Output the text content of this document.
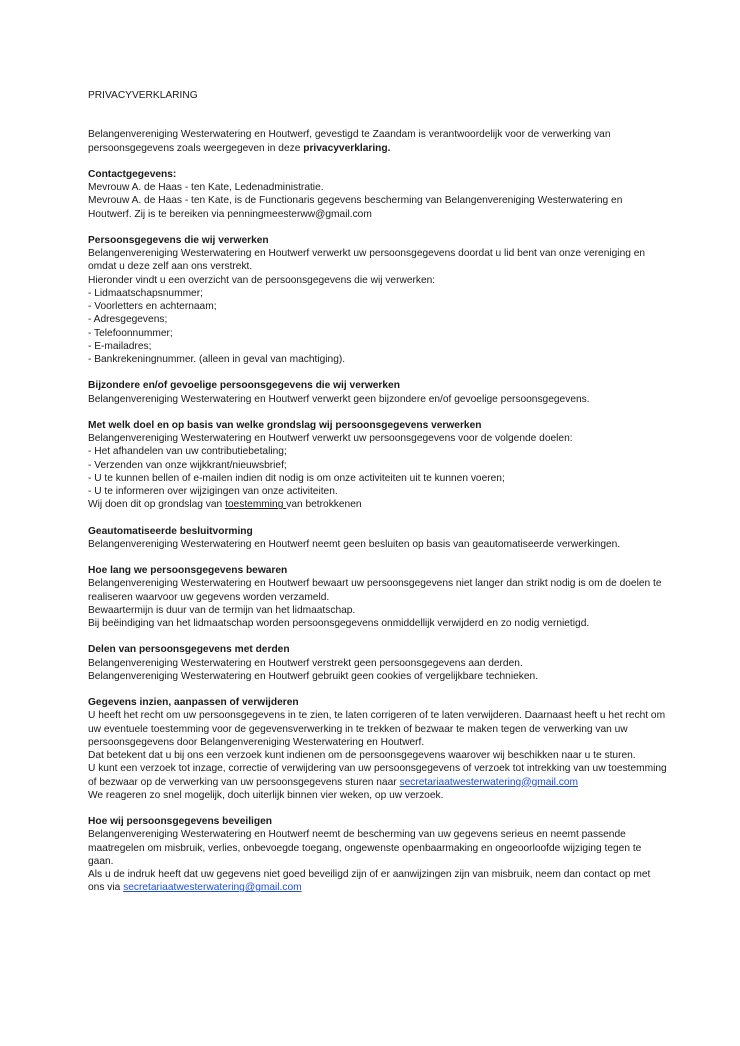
PRIVACYVERKLARING

Belangenvereniging Westerwatering en Houtwerf, gevestigd te Zaandam is verantwoordelijk voor de verwerking van persoonsgegevens zoals weergegeven in deze privacyverklaring.

Contactgegevens:

Mevrouw A. de Haas - ten Kate, Ledenadministratie.

Mevrouw A. de Haas - ten Kate, is de Functionaris gegevens bescherming van Belangenvereniging Westerwatering en Houtwerf. Zij is te bereiken via penningmeesterww@gmail.com

Persoonsgegevens die wij verwerken

Belangenvereniging Westerwatering en Houtwerf verwerkt uw persoonsgegevens doordat u lid bent van onze vereniging en omdat u deze zelf aan ons verstrekt.

Hieronder vindt u een overzicht van de persoonsgegevens die wij verwerken:

- Lidmaatschapsnummer;

- Voorletters en achternaam;

- Adresgegevens;

- Telefoonnummer;

- E-mailadres;

- Bankrekeningnummer. (alleen in geval van machtiging).

Bijzondere en/of gevoelige persoonsgegevens die wij verwerken

Belangenvereniging Westerwatering en Houtwerf verwerkt geen bijzondere en/of gevoelige persoonsgegevens.

Met welk doel en op basis van welke grondslag wij persoonsgegevens verwerken

Belangenvereniging Westerwatering en Houtwerf verwerkt uw persoonsgegevens voor de volgende doelen:

- Het afhandelen van uw contributiebetaling;

- Verzenden van onze wijkkrant/nieuwsbrief;

- U te kunnen bellen of e-mailen indien dit nodig is om onze activiteiten uit te kunnen voeren;

- U te informeren over wijzigingen van onze activiteiten.

Wij doen dit op grondslag van toestemming van betrokkenen

Geautomatiseerde besluitvorming

Belangenvereniging Westerwatering en Houtwerf neemt geen besluiten op basis van geautomatiseerde verwerkingen.

Hoe lang we persoonsgegevens bewaren

Belangenvereniging Westerwatering en Houtwerf bewaart uw persoonsgegevens niet langer dan strikt nodig is om de doelen te realiseren waarvoor uw gegevens worden verzameld.

Bewaartermijn is duur van de termijn van het lidmaatschap.

Bij beëindiging van het lidmaatschap worden persoonsgegevens onmiddellijk verwijderd en zo nodig vernietigd.

Delen van persoonsgegevens met derden

Belangenvereniging Westerwatering en Houtwerf verstrekt geen persoonsgegevens aan derden.

Belangenvereniging Westerwatering en Houtwerf gebruikt geen cookies of vergelijkbare technieken.

Gegevens inzien, aanpassen of verwijderen

U heeft het recht om uw persoonsgegevens in te zien, te laten corrigeren of te laten verwijderen. Daarnaast heeft u het recht om uw eventuele toestemming voor de gegevensverwerking in te trekken of bezwaar te maken tegen de verwerking van uw persoonsgegevens door Belangenvereniging Westerwatering en Houtwerf.

Dat betekent dat u bij ons een verzoek kunt indienen om de persoonsgegevens waarover wij beschikken naar u te sturen.

U kunt een verzoek tot inzage, correctie of verwijdering van uw persoonsgegevens of verzoek tot intrekking van uw toestemming of bezwaar op de verwerking van uw persoonsgegevens sturen naar secretariaatwesterwatering@gmail.com

We reageren zo snel mogelijk, doch uiterlijk binnen vier weken, op uw verzoek.

Hoe wij persoonsgegevens beveiligen

Belangenvereniging Westerwatering en Houtwerf neemt de bescherming van uw gegevens serieus en neemt passende maatregelen om misbruik, verlies, onbevoegde toegang, ongewenste openbaarmaking en ongeoorloofde wijziging tegen te gaan.

Als u de indruk heeft dat uw gegevens niet goed beveiligd zijn of er aanwijzingen zijn van misbruik, neem dan contact op met ons via secretariaatwesterwatering@gmail.com
